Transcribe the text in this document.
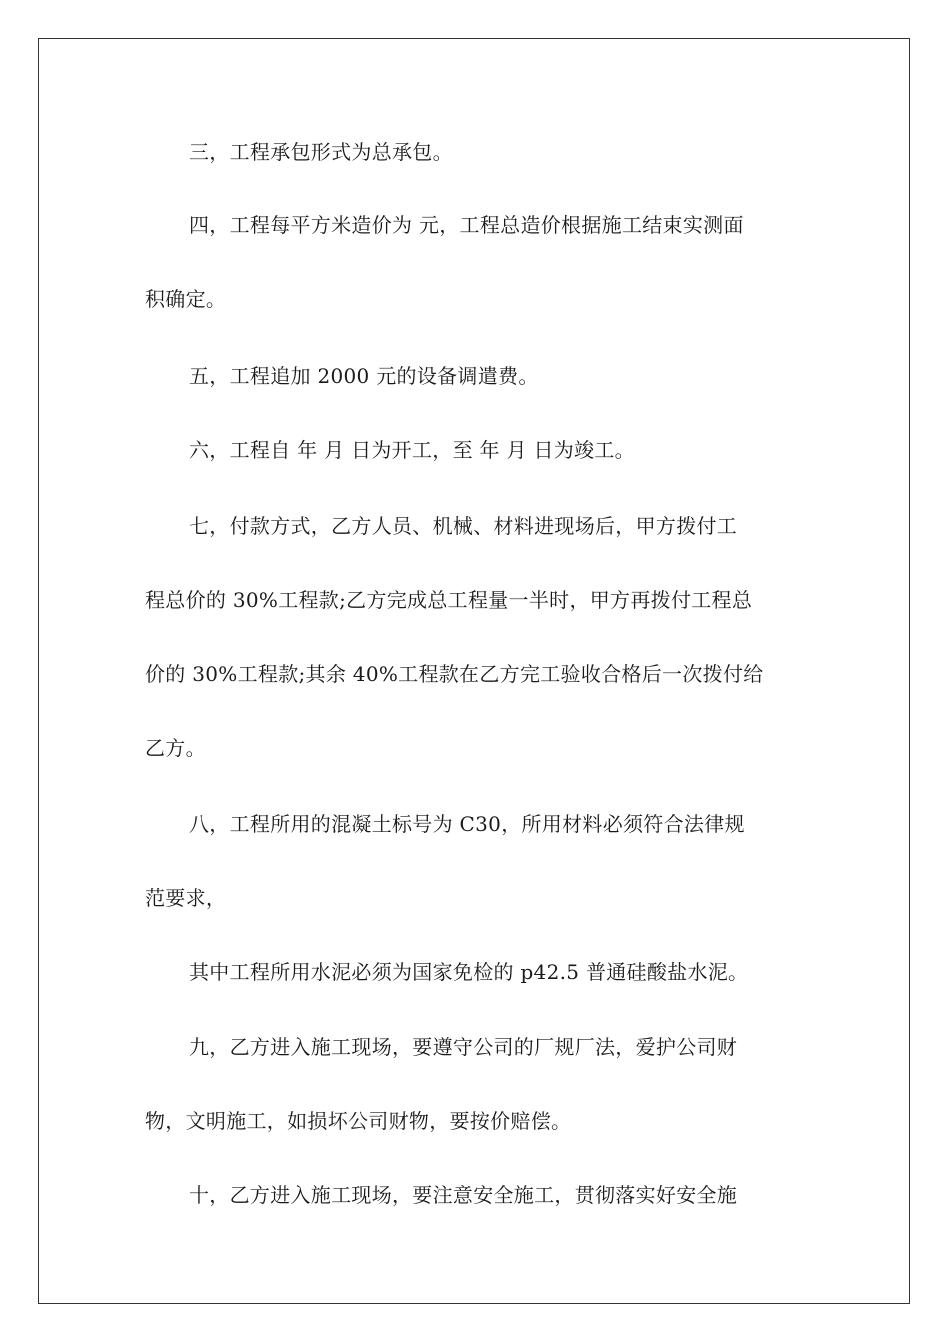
三，工程承包形式为总承包。
四，工程每平方米造价为 元，工程总造价根据施工结束实测面
积确定。
五，工程追加 2000 元的设备调遣费。
六，工程自 年 月 日为开工，至 年 月 日为竣工。
七，付款方式，乙方人员、机械、材料进现场后，甲方拨付工
程总价的 30%工程款;乙方完成总工程量一半时，甲方再拨付工程总
价的 30%工程款;其余 40%工程款在乙方完工验收合格后一次拨付给
乙方。
八，工程所用的混凝土标号为 C30，所用材料必须符合法律规
范要求，
其中工程所用水泥必须为国家免检的 p42.5 普通硅酸盐水泥。
九，乙方进入施工现场，要遵守公司的厂规厂法，爱护公司财
物，文明施工，如损坏公司财物，要按价赔偿。
十，乙方进入施工现场，要注意安全施工，贯彻落实好安全施
